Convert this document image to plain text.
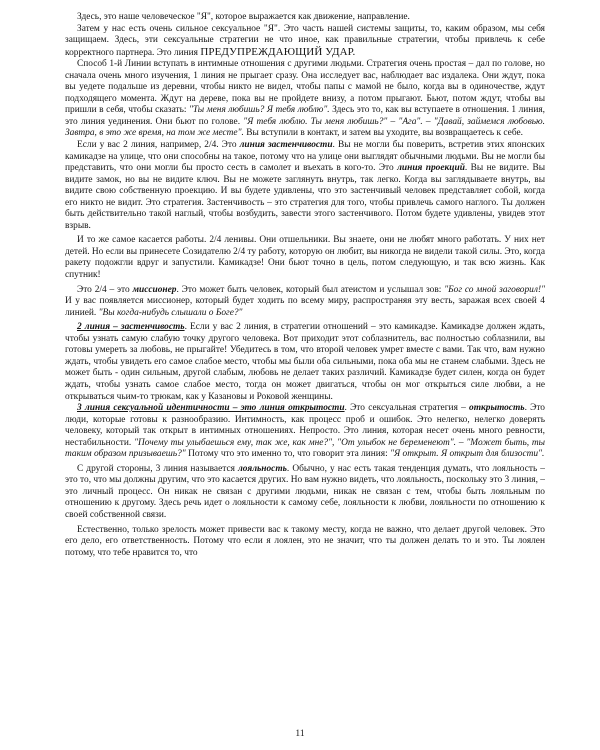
Здесь, это наше человеческое "Я", которое выражается как движение, направление.

Затем у нас есть очень сильное сексуальное "Я". Это часть нашей системы защиты, то, каким образом, мы себя защищаем. Здесь, эти сексуальные стратегии не что иное, как правильные стратегии, чтобы привлечь к себе корректного партнера. Это линия ПРЕДУПРЕЖДАЮЩИЙ УДАР.

Способ 1-й Линии вступать в интимные отношения с другими людьми. Стратегия очень простая – дал по голове, но сначала очень много изучения, 1 линия не прыгает сразу. Она исследует вас, наблюдает вас издалека. Они ждут, пока вы уедете подальше из деревни, чтобы никто не видел, чтобы папы с мамой не было, когда вы в одиночестве, ждут подходящего момента. Ждут на дереве, пока вы не пройдете внизу, а потом прыгают. Бьют, потом ждут, чтобы вы пришли в себя, чтобы сказать: "Ты меня любишь? Я тебя люблю". Здесь это то, как вы вступаете в отношения. 1 линия, это линия уединения. Они бьют по голове. "Я тебя люблю. Ты меня любишь?" – "Ага". – "Давай, займемся любовью. Завтра, в это же время, на том же месте". Вы вступили в контакт, и затем вы уходите, вы возвращаетесь к себе.

Если у вас 2 линия, например, 2/4. Это линия застенчивости. Вы не могли бы поверить, встретив этих японских камикадзе на улице, что они способны на такое, потому что на улице они выглядят обычными людьми. Вы не могли бы представить, что они могли бы просто сесть в самолет и въехать в кого-то. Это линия проекций. Вы не видите. Вы видите замок, но вы не видите ключ. Вы не можете заглянуть внутрь, так легко. Когда вы заглядываете внутрь, вы видите свою собственную проекцию. И вы будете удивлены, что это застенчивый человек представляет собой, когда его никто не видит. Это стратегия. Застенчивость – это стратегия для того, чтобы привлечь самого наглого. Ты должен быть действительно такой наглый, чтобы возбудить, завести этого застенчивого. Потом будете удивлены, увидев этот взрыв.

И то же самое касается работы. 2/4 ленивы. Они отшельники. Вы знаете, они не любят много работать. У них нет детей. Но если вы принесете Созидателю 2/4 ту работу, которую он любит, вы никогда не видели такой силы. Это, когда ракету подожгли вдруг и запустили. Камикадзе! Они бьют точно в цель, потом следующую, и так всю жизнь. Как спутник!

Это 2/4 – это миссионер. Это может быть человек, который был атеистом и услышал зов: "Бог со мной заговорил!" И у вас появляется миссионер, который будет ходить по всему миру, распространяя эту весть, заражая всех своей 4 линией. "Вы когда-нибудь слышали о Боге?"

2 линия – застенчивость. Если у вас 2 линия, в стратегии отношений – это камикадзе. Камикадзе должен ждать, чтобы узнать самую слабую точку другого человека. Вот приходит этот соблазнитель, вас полностью соблазнили, вы готовы умереть за любовь, не прыгайте! Убедитесь в том, что второй человек умрет вместе с вами. Так что, вам нужно ждать, чтобы увидеть его самое слабое место, чтобы мы были оба сильными, пока оба мы не станем слабыми. Здесь не может быть - один сильным, другой слабым, любовь не делает таких различий. Камикадзе будет силен, когда он будет ждать, чтобы узнать самое слабое место, тогда он может двигаться, чтобы он мог открыться силе любви, а не открываться чьим-то трюкам, как у Казановы и Роковой женщины.

3 линия сексуальной идентичности – это линия открытости. Это сексуальная стратегия – открытость. Это люди, которые готовы к разнообразию. Интимность, как процесс проб и ошибок. Это нелегко, нелегко доверять человеку, который так открыт в интимных отношениях. Непросто. Это линия, которая несет очень много ревности, нестабильности. "Почему ты улыбаешься ему, так же, как мне?", "От улыбок не беременеют". – "Может быть, ты таким образом призываешь?" Потому что это именно то, что говорит эта линия: "Я открыт. Я открыт для близости".

С другой стороны, 3 линия называется лояльность. Обычно, у нас есть такая тенденция думать, что лояльность – это то, что мы должны другим, что это касается других. Но вам нужно видеть, что лояльность, поскольку это 3 линия, – это личный процесс. Он никак не связан с другими людьми, никак не связан с тем, чтобы быть лояльным по отношению к другому. Здесь речь идет о лояльности к самому себе, лояльности к любви, лояльности по отношению к своей собственной связи.

Естественно, только зрелость может привести вас к такому месту, когда не важно, что делает другой человек. Это его дело, его ответственность. Потому что если я лоялен, это не значит, что ты должен делать то и это. Ты лоялен потому, что тебе нравится то, что

11
